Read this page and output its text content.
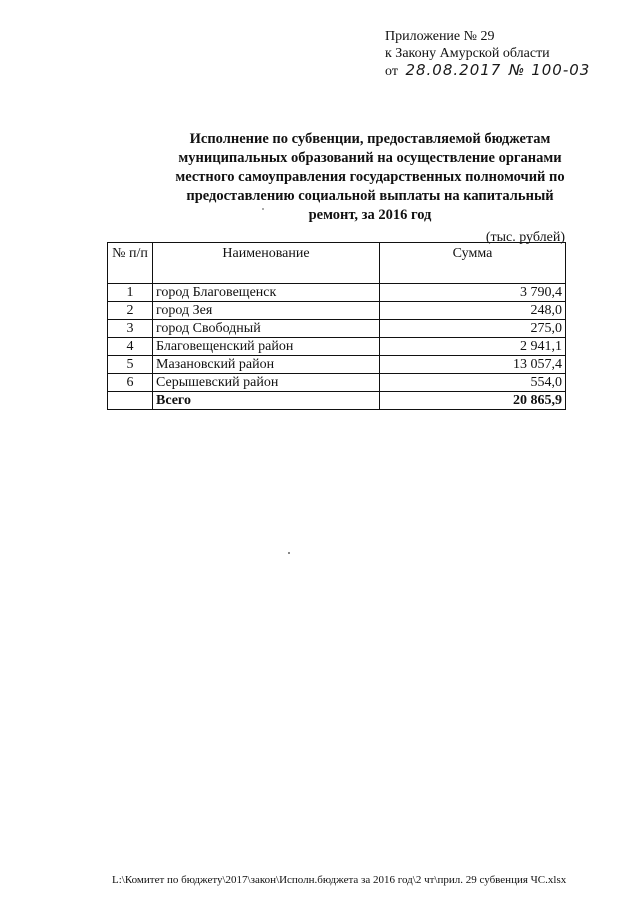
Приложение № 29
к Закону Амурской области
от 28.08.2017 № 100-03
Исполнение по субвенции, предоставляемой бюджетам
муниципальных образований на осуществление органами
местного самоуправления государственных полномочий по
предоставлению социальной выплаты на капитальный
ремонт, за 2016 год
(тыс. рублей)
№ п/п	Наименование	Сумма
1	город Благовещенск	3 790,4
2	город Зея	248,0
3	город Свободный	275,0
4	Благовещенский район	2 941,1
5	Мазановский район	13 057,4
6	Серышевский район	554,0
	Всего	20 865,9
L:\Комитет по бюджету\2017\закон\Исполн.бюджета за 2016 год\2 чт\прил. 29 субвенция ЧС.xlsx
